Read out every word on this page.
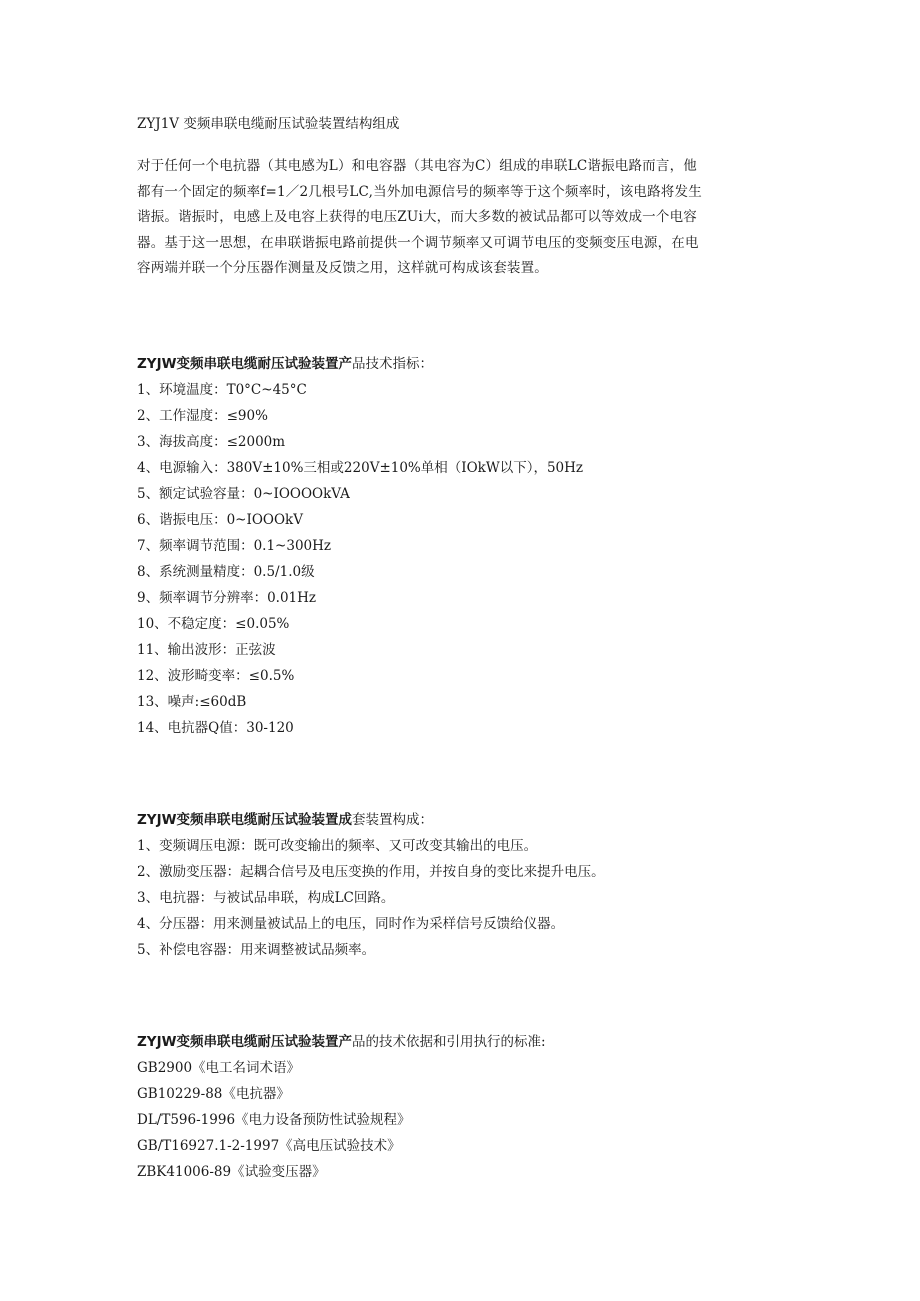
ZYJ1V 变频串联电缆耐压试验装置结构组成
对于任何一个电抗器（其电感为L）和电容器（其电容为C）组成的串联LC谐振电路而言，他
都有一个固定的频率f=1／2几根号LC,当外加电源信号的频率等于这个频率时，该电路将发生
谐振。谐振时，电感上及电容上获得的电压ZUi大，而大多数的被试品都可以等效成一个电容
器。基于这一思想，在串联谐振电路前提供一个调节频率又可调节电压的变频变压电源，在电
容两端并联一个分压器作测量及反馈之用，这样就可构成该套装置。
ZYJW变频串联电缆耐压试验装置产品技术指标：
1、环境温度：T0°C~45°C
2、工作湿度：≤90%
3、海拔高度：≤2000m
4、电源输入：380V±10%三相或220V±10%单相（IOkW以下），50Hz
5、额定试验容量：0~IOOOOkVA
6、谐振电压：0~IOOOkV
7、频率调节范围：0.1~300Hz
8、系统测量精度：0.5/1.0级
9、频率调节分辨率：0.01Hz
10、不稳定度：≤0.05%
11、输出波形：正弦波
12、波形畸变率：≤0.5%
13、噪声:≤60dB
14、电抗器Q值：30-120
ZYJW变频串联电缆耐压试验装置成套装置构成：
1、变频调压电源：既可改变输出的频率、又可改变其输出的电压。
2、激励变压器：起耦合信号及电压变换的作用，并按自身的变比来提升电压。
3、电抗器：与被试品串联，构成LC回路。
4、分压器：用来测量被试品上的电压，同时作为采样信号反馈给仪器。
5、补偿电容器：用来调整被试品频率。
ZYJW变频串联电缆耐压试验装置产品的技术依据和引用执行的标准:
GB2900《电工名词术语》
GB10229-88《电抗器》
DL/T596-1996《电力设备预防性试验规程》
GB/T16927.1-2-1997《高电压试验技术》
ZBK41006-89《试验变压器》
